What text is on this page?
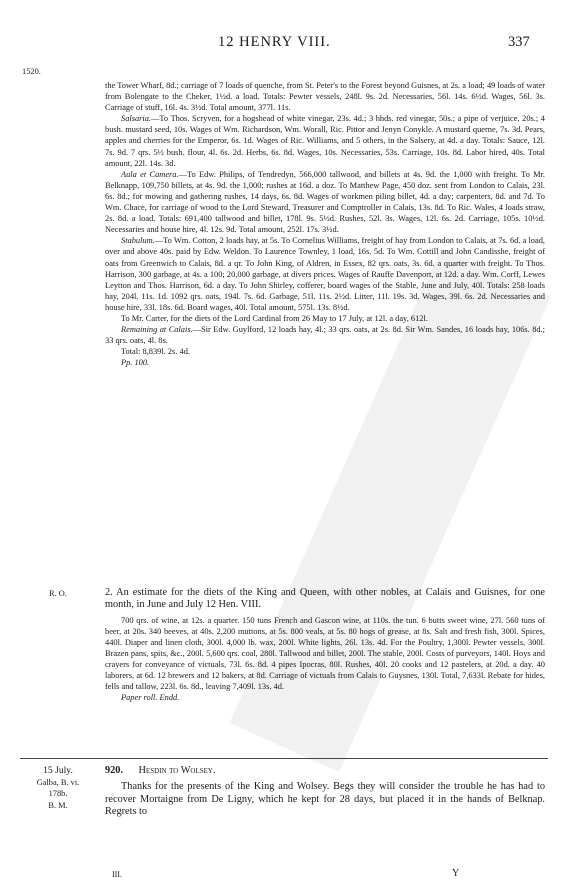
12 HENRY VIII.	337
1520.

the Tower Wharf, 8d.; carriage of 7 loads of quenche, from St. Peter's to the Forest beyond Guisnes, at 2s. a load; 49 loads of water from Bolengate to the Cheker, 1½d. a load. Totals: Pewter vessels, 248l. 9s. 2d. Necessaries, 56l. 14s. 6½d. Wages, 56l. 3s. Carriage of stuff, 16l. 4s. 3½d. Total amount, 377l. 11s.

Salsaria.—To Thos. Scryven, for a hogshead of white vinegar, 23s. 4d.; 3 hhds. red vinegar, 50s.; a pipe of verjuice, 20s.; 4 bush. mustard seed, 10s. Wages of Wm. Richardson, Wm. Worall, Ric. Pittor and Jenyn Conykle. A mustard querne, 7s. 3d. Pears, apples and cherries for the Emperor, 6s. 1d. Wages of Ric. Williams, and 5 others, in the Salsery, at 4d. a day. Totals: Sauce, 12l. 7s. 9d. 7 qrs. 5½ bush. flour, 4l. 6s. 2d. Herbs, 6s. 8d. Wages, 10s. Necessaries, 53s. Carriage, 10s. 8d. Labor hired, 40s. Total amount, 22l. 14s. 3d.

Aula et Camera.—To Edw. Philips, of Tendredyn, 566,000 tallwood, and billets at 4s. 9d. the 1,000 with freight. To Mr. Belknapp, 109,750 billets, at 4s. 9d. the 1,000; rushes at 16d. a doz. To Matthew Page, 450 doz. sent from London to Calais, 23l. 6s. 8d.; for mowing and gathering rushes, 14 days, 6s. 8d. Wages of workmen piling billet, 4d. a day; carpenters, 8d. and 7d. To Wm. Chace, for carriage of wood to the Lord Steward, Treasurer and Comptroller in Calais, 13s. 8d. To Ric. Wales, 4 loads straw, 2s. 8d. a load. Totals: 691,400 tallwood and billet, 178l. 9s. 5½d. Rushes, 52l. 3s. Wages, 12l. 6s. 2d. Carriage, 105s. 10½d. Necessaries and house hire, 4l. 12s. 9d. Total amount, 252l. 17s. 3½d.

Stabulum.—To Wm. Cotton, 2 loads hay, at 5s. To Cornelius Williams, freight of hay from London to Calais, at 7s. 6d. a load, over and above 40s. paid by Edw. Weldon. To Laurence Townley, 1 load, 16s. 5d. To Wm. Cottill and John Candisshe, freight of oats from Greenwich to Calais, 8d. a qr. To John King, of Aldren, in Essex, 82 qrs. oats, 3s. 6d. a quarter with freight. To Thos. Harrison, 300 garbage, at 4s. a 100; 20,000 garbage, at divers prices. Wages of Rauffe Davenport, at 12d. a day. Wm. Corff, Lewes Leytton and Thos. Harrison, 6d. a day. To John Shirley, cofferer, board wages of the Stable, June and July, 40l. Totals: 258 loads hay, 204l. 11s. 1d. 1092 qrs. oats, 194l. 7s. 6d. Garbage, 51l. 11s. 2½d. Litter, 11l. 19s. 3d. Wages, 39l. 6s. 2d. Necessaries and house hire, 33l. 18s. 6d. Board wages, 40l. Total amount, 575l. 13s. 8½d.

To Mr. Carter, for the diets of the Lord Cardinal from 26 May to 17 July, at 12l. a day, 612l.

Remaining at Calais.—Sir Edw. Guylford, 12 loads hay, 4l.; 33 qrs. oats, at 2s. 8d. Sir Wm. Sandes, 16 loads hay, 106s. 8d.; 33 qrs. oats, 4l. 8s.

Total: 8,839l. 2s. 4d.

Pp. 100.

R. O.	2. An estimate for the diets of the King and Queen, with other nobles, at Calais and Guisnes, for one month, in June and July 12 Hen. VIII.

700 qrs. of wine, at 12s. a quarter. 150 tuns French and Gascon wine, at 110s. the tun. 6 butts sweet wine, 27l. 560 tuns of beer, at 20s. 340 beeves, at 40s. 2,200 muttons, at 5s. 800 veals, at 5s. 80 hogs of grease, at 8s. Salt and fresh fish, 300l. Spices, 440l. Diaper and linen cloth, 300l. 4,000 lb. wax, 200l. White lights, 26l. 13s. 4d. For the Poultry, 1,300l. Pewter vessels, 300l. Brazen pans, spits, &c., 200l. 5,600 qrs. coal, 280l. Tallwood and billet, 200l. The stable, 200l. Costs of purveyors, 140l. Hoys and crayers for conveyance of victuals, 73l. 6s. 8d. 4 pipes Ipocras, 80l. Rushes, 40l. 20 cooks and 12 pastelers, at 20d. a day. 40 laborers, at 6d. 12 brewers and 12 bakers, at 8d. Carriage of victuals from Calais to Guysnes, 130l. Total, 7,633l. Rebate for hides, fells and tallow, 223l. 6s. 8d., leaving 7,409l. 13s. 4d.

Paper roll. Endd.

15 July.
Galba, B. vi.
178b.
B. M.

920. Hesdin to Wolsey.

Thanks for the presents of the King and Wolsey. Begs they will consider the trouble he has had to recover Mortaigne from De Ligny, which he kept for 28 days, but placed it in the hands of Belknap. Regrets to

III.	Y
